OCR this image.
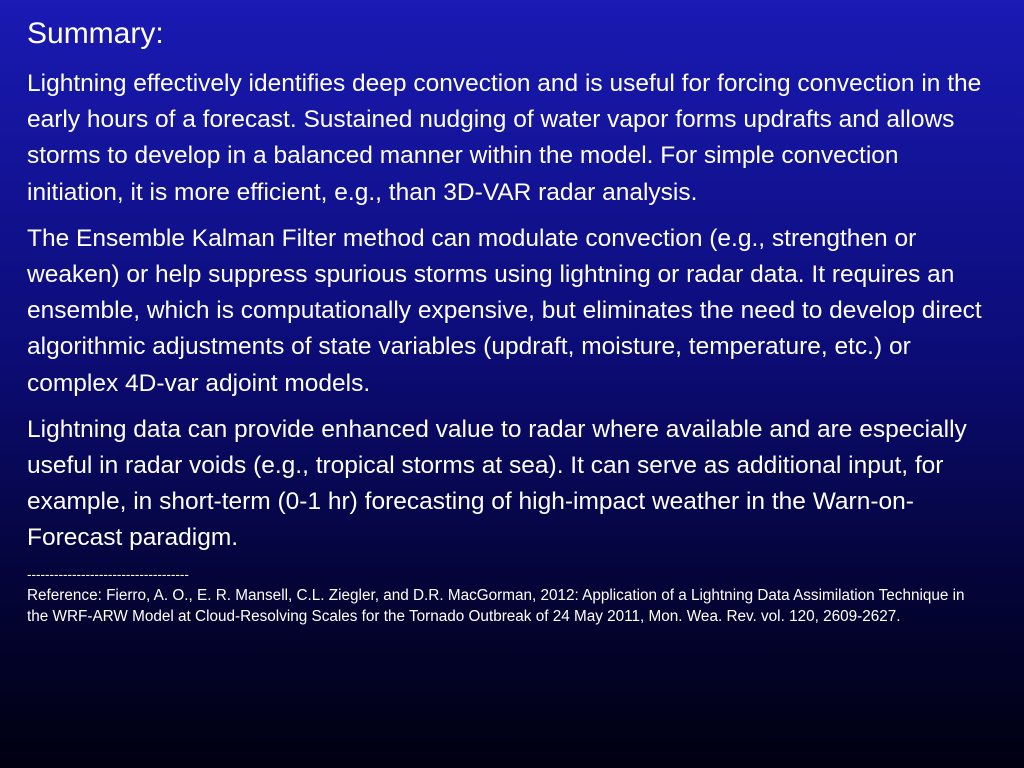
Summary:

Lightning effectively identifies deep convection and is useful for forcing convection in the early hours of a forecast. Sustained nudging of water vapor forms updrafts and allows storms to develop in a balanced manner within the model. For simple convection initiation, it is more efficient, e.g., than 3D-VAR radar analysis.

The Ensemble Kalman Filter method can modulate convection (e.g., strengthen or weaken) or help suppress spurious storms using lightning or radar data. It requires an ensemble, which is computationally expensive, but eliminates the need to develop direct algorithmic adjustments of state variables (updraft, moisture, temperature, etc.) or complex 4D-var adjoint models.

Lightning data can provide enhanced value to radar where available and are especially useful in radar voids (e.g., tropical storms at sea). It can serve as additional input, for example, in short-term (0-1 hr) forecasting of high-impact weather in the Warn-on-Forecast paradigm.

------------------------------------

Reference: Fierro, A. O., E. R. Mansell, C.L. Ziegler, and D.R. MacGorman, 2012: Application of a Lightning Data Assimilation Technique in the WRF-ARW Model at Cloud-Resolving Scales for the Tornado Outbreak of 24 May 2011, Mon. Wea. Rev. vol. 120, 2609-2627.
